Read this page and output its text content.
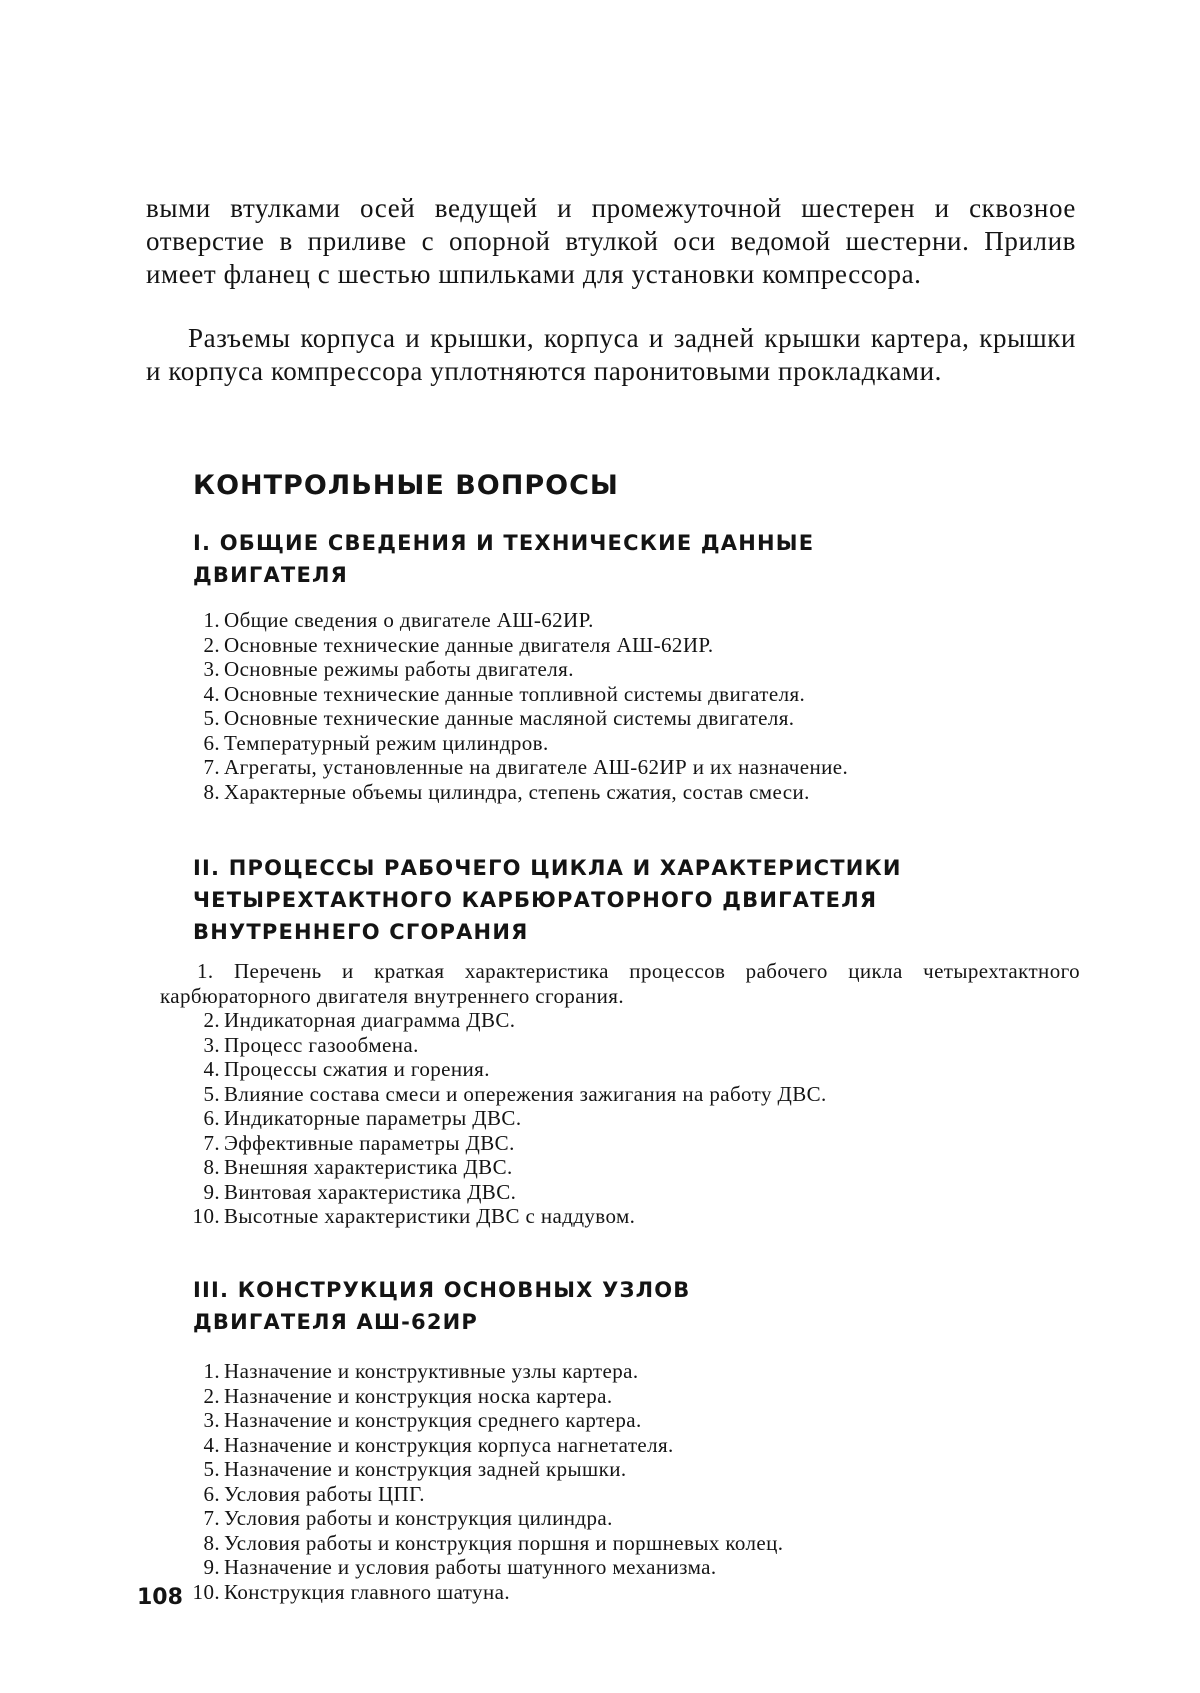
выми втулками осей ведущей и промежуточной шестерен и сквозное отверстие в приливе с опорной втулкой оси ведомой шестерни. Прилив имеет фланец с шестью шпильками для установки компрессора.

Разъемы корпуса и крышки, корпуса и задней крышки картера, крышки и корпуса компрессора уплотняются паронитовыми прокладками.

КОНТРОЛЬНЫЕ ВОПРОСЫ
I. ОБЩИЕ СВЕДЕНИЯ И ТЕХНИЧЕСКИЕ ДАННЫЕ
ДВИГАТЕЛЯ
1. Общие сведения о двигателе АШ-62ИР.
2. Основные технические данные двигателя АШ-62ИР.
3. Основные режимы работы двигателя.
4. Основные технические данные топливной системы двигателя.
5. Основные технические данные масляной системы двигателя.
6. Температурный режим цилиндров.
7. Агрегаты, установленные на двигателе АШ-62ИР и их назначение.
8. Характерные объемы цилиндра, степень сжатия, состав смеси.
II. ПРОЦЕССЫ РАБОЧЕГО ЦИКЛА И ХАРАКТЕРИСТИКИ
ЧЕТЫРЕХТАКТНОГО КАРБЮРАТОРНОГО ДВИГАТЕЛЯ
ВНУТРЕННЕГО СГОРАНИЯ
1. Перечень и краткая характеристика процессов рабочего цикла четырехтактного карбюраторного двигателя внутреннего сгорания.
2. Индикаторная диаграмма ДВС.
3. Процесс газообмена.
4. Процессы сжатия и горения.
5. Влияние состава смеси и опережения зажигания на работу ДВС.
6. Индикаторные параметры ДВС.
7. Эффективные параметры ДВС.
8. Внешняя характеристика ДВС.
9. Винтовая характеристика ДВС.
10. Высотные характеристики ДВС с наддувом.
III. КОНСТРУКЦИЯ ОСНОВНЫХ УЗЛОВ
ДВИГАТЕЛЯ АШ-62ИР
1. Назначение и конструктивные узлы картера.
2. Назначение и конструкция носка картера.
3. Назначение и конструкция среднего картера.
4. Назначение и конструкция корпуса нагнетателя.
5. Назначение и конструкция задней крышки.
6. Условия работы ЦПГ.
7. Условия работы и конструкция цилиндра.
8. Условия работы и конструкция поршня и поршневых колец.
9. Назначение и условия работы шатунного механизма.
10. Конструкция главного шатуна.

108
